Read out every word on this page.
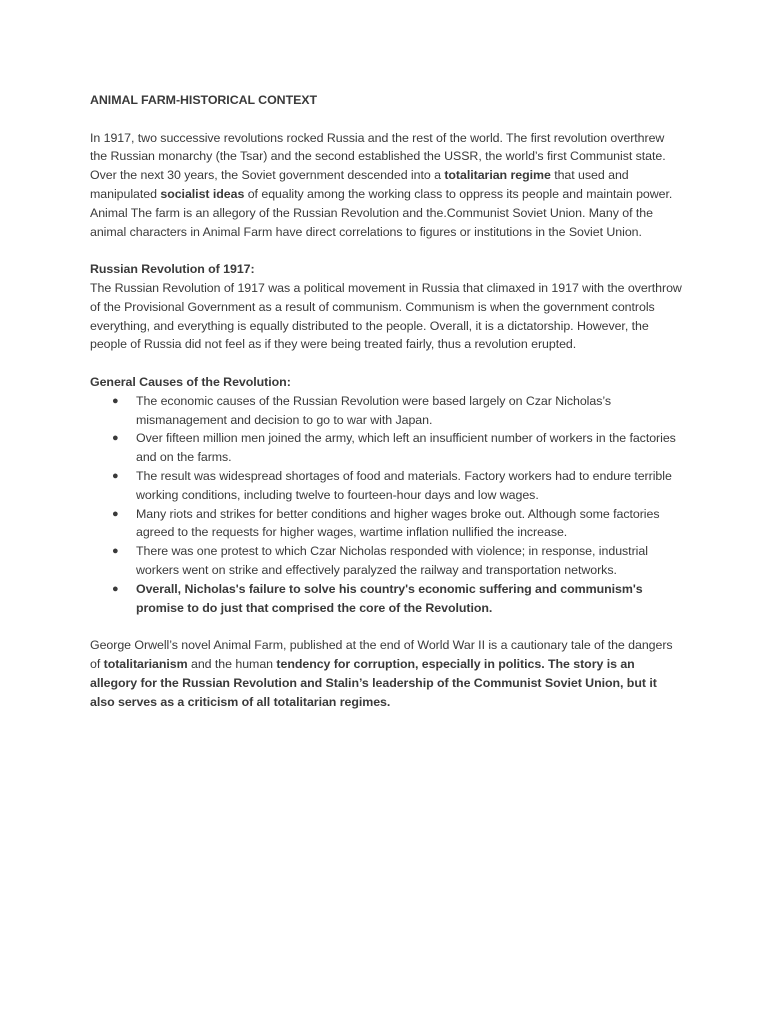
ANIMAL FARM-HISTORICAL CONTEXT

In 1917, two successive revolutions rocked Russia and the rest of the world. The first revolution overthrew the Russian monarchy (the Tsar) and the second established the USSR, the world’s first Communist state. Over the next 30 years, the Soviet government descended into a totalitarian regime that used and manipulated socialist ideas of equality among the working class to oppress its people and maintain power. Animal The farm is an allegory of the Russian Revolution and the.Communist Soviet Union. Many of the animal characters in Animal Farm have direct correlations to figures or institutions in the Soviet Union.

Russian Revolution of 1917:

The Russian Revolution of 1917 was a political movement in Russia that climaxed in 1917 with the overthrow of the Provisional Government as a result of communism. Communism is when the government controls everything, and everything is equally distributed to the people. Overall, it is a dictatorship. However, the people of Russia did not feel as if they were being treated fairly, thus a revolution erupted.

General Causes of the Revolution:
● The economic causes of the Russian Revolution were based largely on Czar Nicholas’s mismanagement and decision to go to war with Japan.
● Over fifteen million men joined the army, which left an insufficient number of workers in the factories and on the farms.
● The result was widespread shortages of food and materials. Factory workers had to endure terrible working conditions, including twelve to fourteen-hour days and low wages.
● Many riots and strikes for better conditions and higher wages broke out. Although some factories agreed to the requests for higher wages, wartime inflation nullified the increase.
● There was one protest to which Czar Nicholas responded with violence; in response, industrial workers went on strike and effectively paralyzed the railway and transportation networks.
● Overall, Nicholas's failure to solve his country's economic suffering and communism's promise to do just that comprised the core of the Revolution.

George Orwell’s novel Animal Farm, published at the end of World War II is a cautionary tale of the dangers of totalitarianism and the human tendency for corruption, especially in politics. The story is an allegory for the Russian Revolution and Stalin’s leadership of the Communist Soviet Union, but it also serves as a criticism of all totalitarian regimes.
